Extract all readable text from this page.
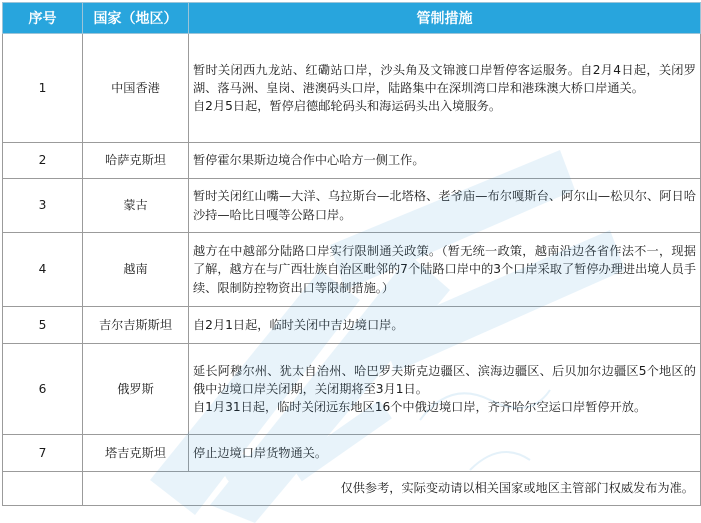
序号	国家（地区）	管制措施
1	中国香港	暂时关闭西九龙站、红磡站口岸，沙头角及文锦渡口岸暂停客运服务。自2月4日起，关闭罗湖、落马洲、皇岗、港澳码头口岸，陆路集中在深圳湾口岸和港珠澳大桥口岸通关。

自2月5日起，暂停启德邮轮码头和海运码头出入境服务。

2	哈萨克斯坦	暂停霍尔果斯边境合作中心哈方一侧工作。

3	蒙古	暂时关闭红山嘴—大洋、乌拉斯台—北塔格、老爷庙—布尔嘎斯台、阿尔山—松贝尔、阿日哈沙持—哈比日嘎等公路口岸。

4	越南	越方在中越部分陆路口岸实行限制通关政策。（暂无统一政策，越南沿边各省作法不一，现据了解，越方在与广西壮族自治区毗邻的7个陆路口岸中的3个口岸采取了暂停办理进出境人员手续、限制防控物资出口等限制措施。）

5	吉尔吉斯斯坦	自2月1日起，临时关闭中吉边境口岸。

6	俄罗斯	延长阿穆尔州、犹太自治州、哈巴罗夫斯克边疆区、滨海边疆区、后贝加尔边疆区5个地区的俄中边境口岸关闭期，关闭期将至3月1日。

自1月31日起，临时关闭远东地区16个中俄边境口岸，齐齐哈尔空运口岸暂停开放。

7	塔吉克斯坦	停止边境口岸货物通关。

	仅供参考，实际变动请以相关国家或地区主管部门权威发布为准。	
